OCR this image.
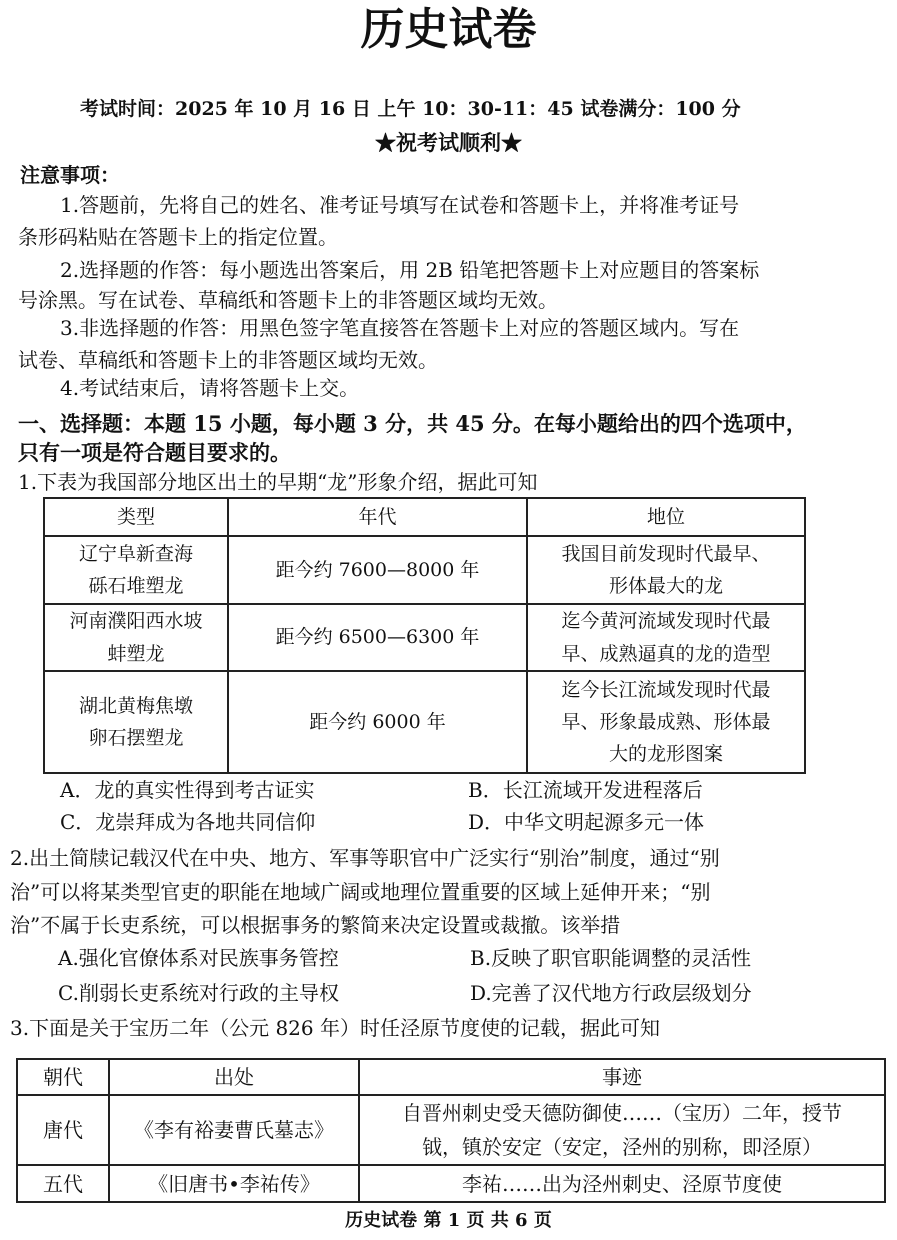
历史试卷
考试时间：2025 年 10 月 16 日 上午 10：30-11：45 试卷满分：100 分
★祝考试顺利★
注意事项：
1.答题前，先将自己的姓名、准考证号填写在试卷和答题卡上，并将准考证号
条形码粘贴在答题卡上的指定位置。
2.选择题的作答：每小题选出答案后，用 2B 铅笔把答题卡上对应题目的答案标
号涂黑。写在试卷、草稿纸和答题卡上的非答题区域均无效。
3.非选择题的作答：用黑色签字笔直接答在答题卡上对应的答题区域内。写在
试卷、草稿纸和答题卡上的非答题区域均无效。
4.考试结束后，请将答题卡上交。
一、选择题：本题 15 小题，每小题 3 分，共 45 分。在每小题给出的四个选项中，
只有一项是符合题目要求的。
1.下表为我国部分地区出土的早期“龙”形象介绍，据此可知
类型	年代	地位
辽宁阜新查海
砾石堆塑龙	距今约 7600—8000 年	我国目前发现时代最早、
形体最大的龙
河南濮阳西水坡
蚌塑龙	距今约 6500—6300 年	迄今黄河流域发现时代最
早、成熟逼真的龙的造型
湖北黄梅焦墩
卵石摆塑龙	距今约 6000 年	迄今长江流域发现时代最
早、形象最成熟、形体最
大的龙形图案
A．龙的真实性得到考古证实	B．长江流域开发进程落后
C．龙崇拜成为各地共同信仰	D．中华文明起源多元一体
2.出土简牍记载汉代在中央、地方、军事等职官中广泛实行“别治”制度，通过“别
治”可以将某类型官吏的职能在地域广阔或地理位置重要的区域上延伸开来；“别
治”不属于长吏系统，可以根据事务的繁简来决定设置或裁撤。该举措
A.强化官僚体系对民族事务管控	B.反映了职官职能调整的灵活性
C.削弱长吏系统对行政的主导权	D.完善了汉代地方行政层级划分
3.下面是关于宝历二年（公元 826 年）时任泾原节度使的记载，据此可知
朝代	出处	事迹
唐代	《李有裕妻曹氏墓志》	自晋州刺史受天德防御使……（宝历）二年，授节
钺，镇於安定（安定，泾州的别称，即泾原）
五代	《旧唐书•李祐传》	李祐……出为泾州刺史、泾原节度使
历史试卷 第 1 页 共 6 页
